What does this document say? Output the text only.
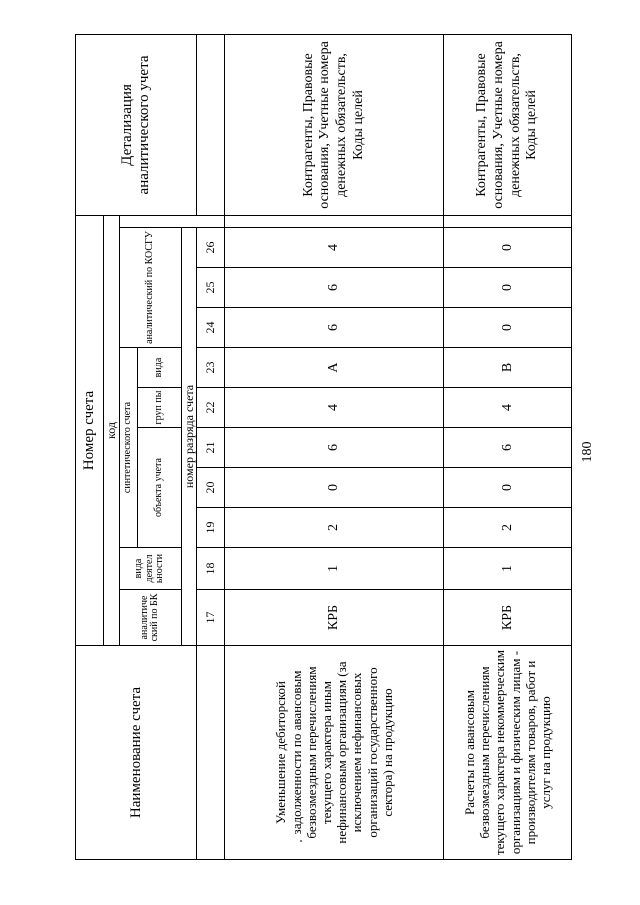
180
Наименование счета	Номер счета											Детализация аналитического учета	
	код												
	аналитиче ский по БК	вида деятел ьности	синтетического счета					аналитический по КОСГУ					
			объекта учета			груп пы	вида						
	номер разряда счета												
	17	18	19	20	21	22	23	24	25	26			
Уменьшение дебиторской задолженности по авансовым безвозмездным перечислениям текущего характера иным нефинансовым организациям (за исключением нефинансовых организаций государственного сектора) на продукцию	КРБ	1	2	0	6	4	А	6	6	4		Контрагенты, Правовые основания, Учетные номера денежных обязательств, Коды целей	
Расчеты по авансовым безвозмездным перечислениям текущего характера некоммерческим организациям и физическим лицам - производителям товаров, работ и услуг на продукцию	КРБ	1	2	0	6	4	В	0	0	0		Контрагенты, Правовые основания, Учетные номера денежных обязательств, Коды целей	
